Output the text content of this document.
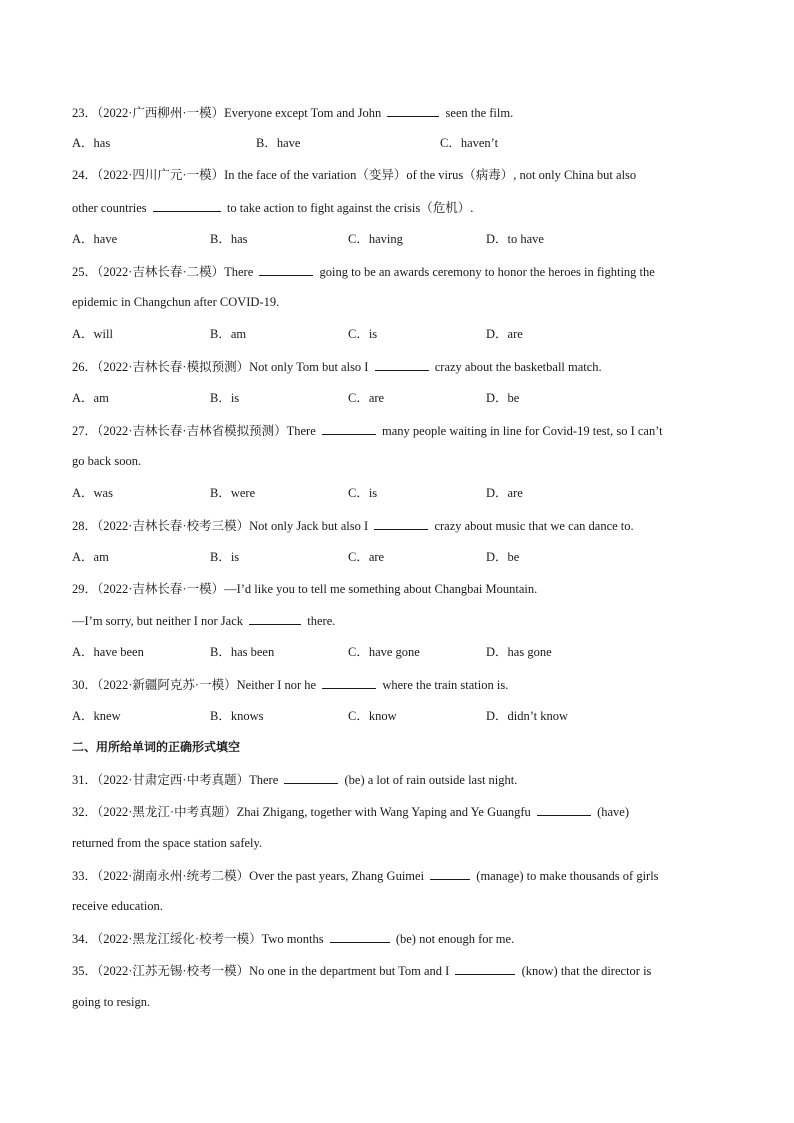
23．（2022·广西柳州·一模）Everyone except Tom and John	seen the film.
A．has	B．have	C．haven’t
24．（2022·四川广元·一模）In the face of the variation（变异）of the virus（病毒）, not only China but also
other countries	to take action to fight against the crisis（危机）.
A．have	B．has	C．having	D．to have
25．（2022·吉林长春·二模）There	going to be an awards ceremony to honor the heroes in fighting the
epidemic in Changchun after COVID-19.
A．will	B．am	C．is	D．are
26．（2022·吉林长春·模拟预测）Not only Tom but also I	crazy about the basketball match.
A．am	B．is	C．are	D．be
27．（2022·吉林长春·吉林省模拟预测）There	many people waiting in line for Covid-19 test, so I can’t
go back soon.
A．was	B．were	C．is	D．are
28．（2022·吉林长春·校考三模）Not only Jack but also I	crazy about music that we can dance to.
A．am	B．is	C．are	D．be
29．（2022·吉林长春·一模）—I’d like you to tell me something about Changbai Mountain.
—I’m sorry, but neither I nor Jack	there.
A．have been	B．has been	C．have gone	D．has gone
30．（2022·新疆阿克苏·一模）Neither I nor he	where the train station is.
A．knew	B．knows	C．know	D．didn’t know
二、用所给单词的正确形式填空
31．（2022·甘肃定西·中考真题）There	(be) a lot of rain outside last night.
32．（2022·黑龙江·中考真题）Zhai Zhigang, together with Wang Yaping and Ye Guangfu	(have)
returned from the space station safely.
33．（2022·湖南永州·统考二模）Over the past years, Zhang Guimei	(manage) to make thousands of girls
receive education.
34．（2022·黑龙江绥化·校考一模）Two months	(be) not enough for me.
35．（2022·江苏无锡·校考一模）No one in the department but Tom and I	(know) that the director is
going to resign.
